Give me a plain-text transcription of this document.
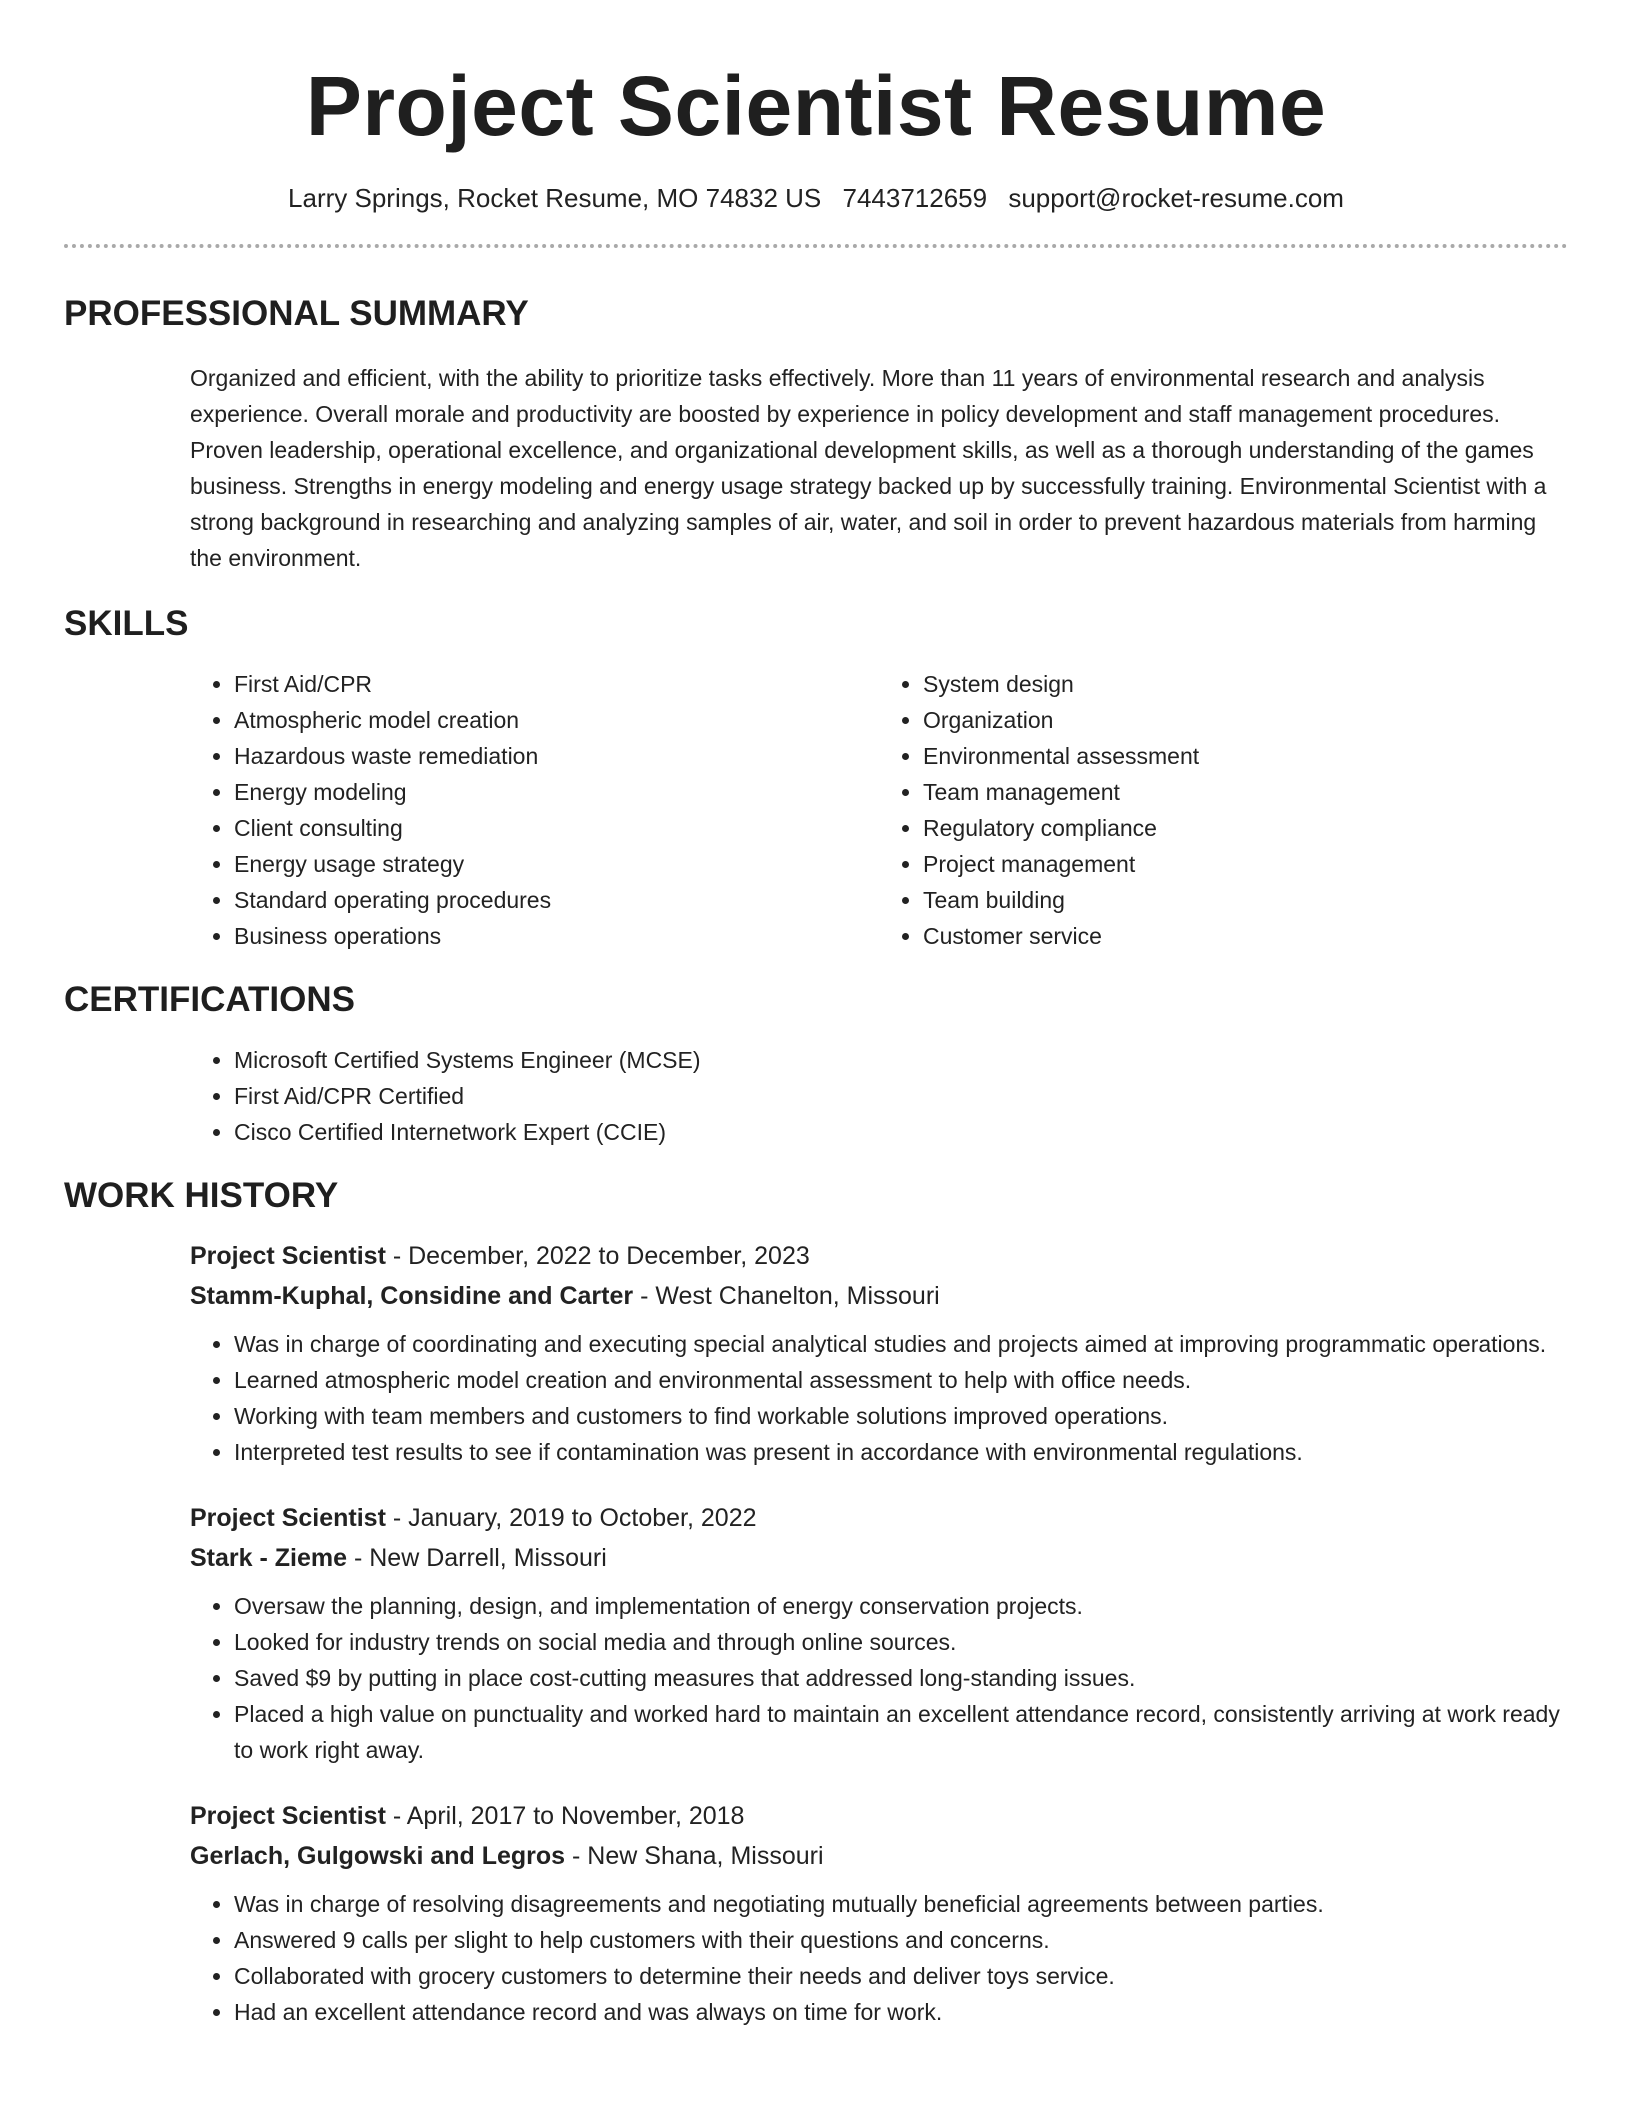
Project Scientist Resume
Larry Springs, Rocket Resume, MO 74832 US 7443712659 support@rocket-resume.com
PROFESSIONAL SUMMARY

Organized and efficient, with the ability to prioritize tasks effectively. More than 11 years of environmental research and analysis experience. Overall morale and productivity are boosted by experience in policy development and staff management procedures. Proven leadership, operational excellence, and organizational development skills, as well as a thorough understanding of the games business. Strengths in energy modeling and energy usage strategy backed up by successfully training. Environmental Scientist with a strong background in researching and analyzing samples of air, water, and soil in order to prevent hazardous materials from harming the environment.

SKILLS
• First Aid/CPR
• Atmospheric model creation
• Hazardous waste remediation
• Energy modeling
• Client consulting
• Energy usage strategy
• Standard operating procedures
• Business operations
• System design
• Organization
• Environmental assessment
• Team management
• Regulatory compliance
• Project management
• Team building
• Customer service
CERTIFICATIONS
• Microsoft Certified Systems Engineer (MCSE)
• First Aid/CPR Certified
• Cisco Certified Internetwork Expert (CCIE)
WORK HISTORY
Project Scientist - December, 2022 to December, 2023
Stamm-Kuphal, Considine and Carter - West Chanelton, Missouri
• Was in charge of coordinating and executing special analytical studies and projects aimed at improving programmatic operations.
• Learned atmospheric model creation and environmental assessment to help with office needs.
• Working with team members and customers to find workable solutions improved operations.
• Interpreted test results to see if contamination was present in accordance with environmental regulations.
Project Scientist - January, 2019 to October, 2022
Stark - Zieme - New Darrell, Missouri
• Oversaw the planning, design, and implementation of energy conservation projects.
• Looked for industry trends on social media and through online sources.
• Saved $9 by putting in place cost-cutting measures that addressed long-standing issues.
• Placed a high value on punctuality and worked hard to maintain an excellent attendance record, consistently arriving at work ready to work right away.
Project Scientist - April, 2017 to November, 2018
Gerlach, Gulgowski and Legros - New Shana, Missouri
• Was in charge of resolving disagreements and negotiating mutually beneficial agreements between parties.
• Answered 9 calls per slight to help customers with their questions and concerns.
• Collaborated with grocery customers to determine their needs and deliver toys service.
• Had an excellent attendance record and was always on time for work.
